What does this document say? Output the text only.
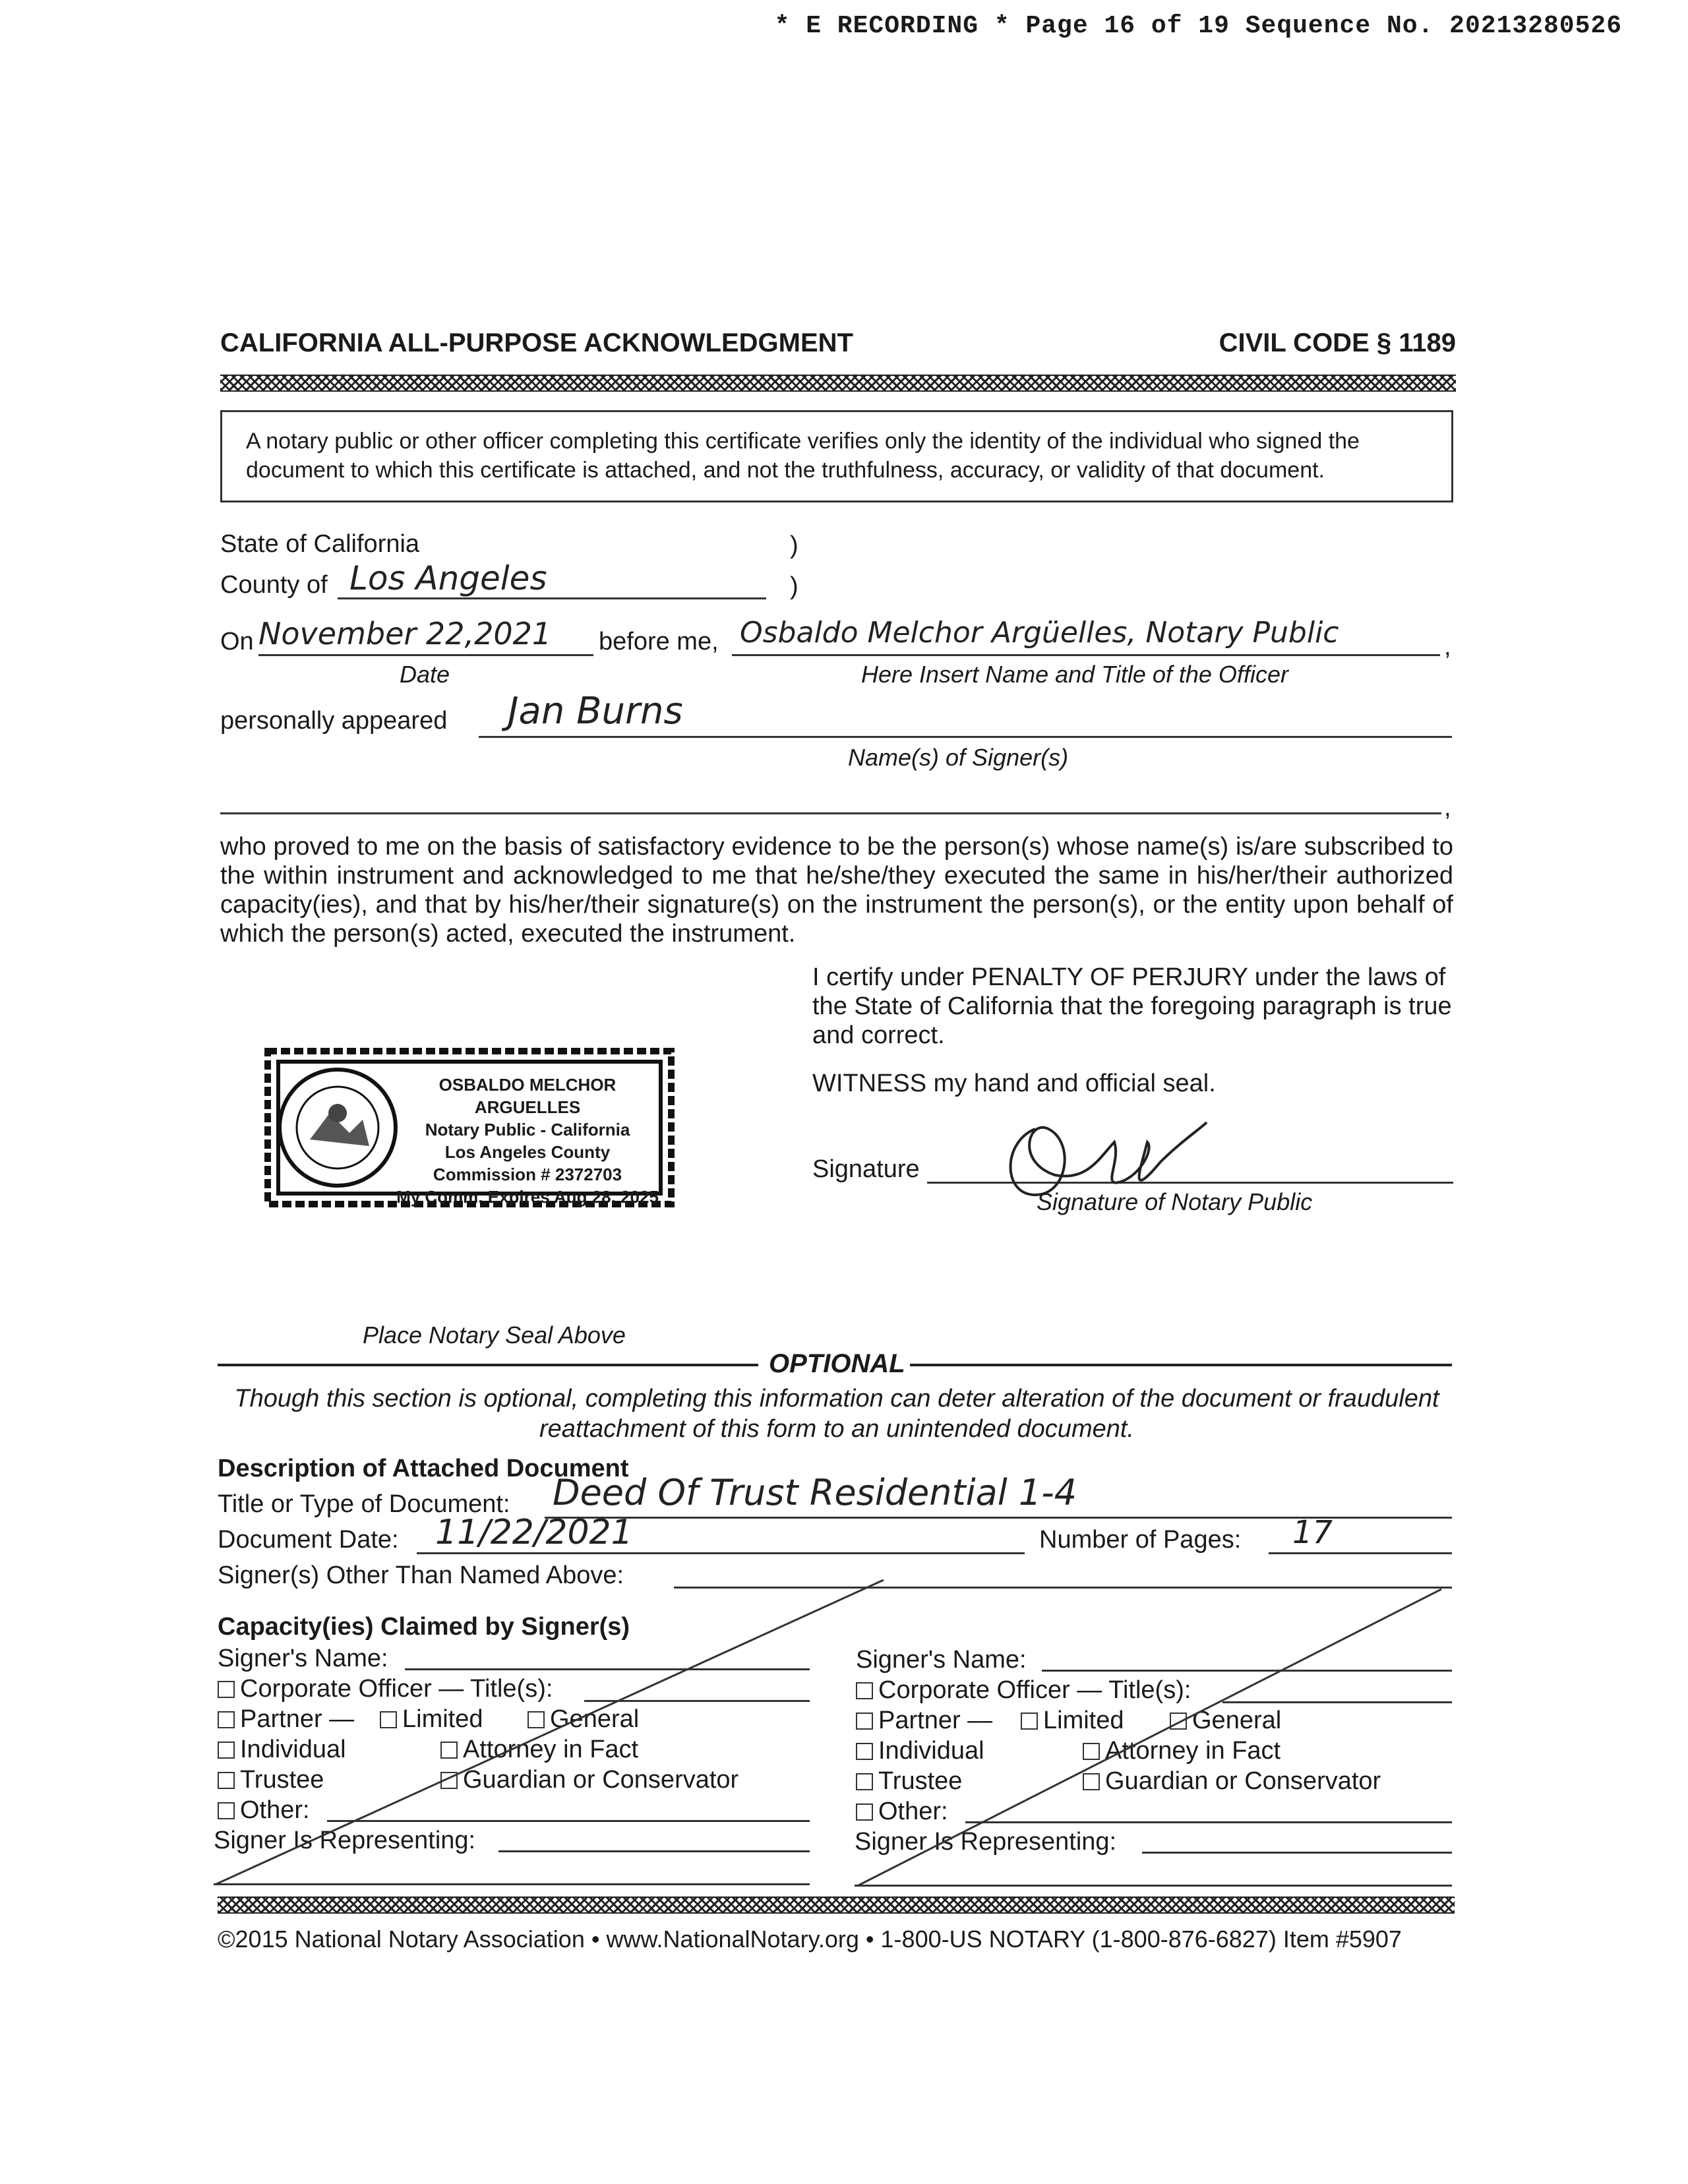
* E RECORDING * Page 16 of 19 Sequence No. 20213280526
CALIFORNIA ALL-PURPOSE ACKNOWLEDGMENT	CIVIL CODE § 1189
A notary public or other officer completing this certificate verifies only the identity of the individual who signed the document to which this certificate is attached, and not the truthfulness, accuracy, or validity of that document.
State of California	)
County of Los Angeles	)
On November 22,2021 before me, Osbaldo Melchor Argüelles, Notary Public	,
Date	Here Insert Name and Title of the Officer
personally appeared Jan Burns
Name(s) of Signer(s)
,
who proved to me on the basis of satisfactory evidence to be the person(s) whose name(s) is/are subscribed to the within instrument and acknowledged to me that he/she/they executed the same in his/her/their authorized capacity(ies), and that by his/her/their signature(s) on the instrument the person(s), or the entity upon behalf of which the person(s) acted, executed the instrument.
I certify under PENALTY OF PERJURY under the laws of the State of California that the foregoing paragraph is true and correct.
WITNESS my hand and official seal.
Signature
Signature of Notary Public
OSBALDO MELCHOR ARGUELLES
Notary Public - California
Los Angeles County
Commission # 2372703
My Comm. Expires Aug 28, 2025
Place Notary Seal Above
OPTIONAL
Though this section is optional, completing this information can deter alteration of the document or fraudulent reattachment of this form to an unintended document.
Description of Attached Document
Title or Type of Document: Deed Of Trust Residential 1-4
Document Date: 11/22/2021	Number of Pages: 17
Signer(s) Other Than Named Above:
Capacity(ies) Claimed by Signer(s)
Signer's Name:
Corporate Officer — Title(s):
Partner —	Limited	General
Individual	Attorney in Fact
Trustee	Guardian or Conservator
Other:
Signer Is Representing:
Signer's Name:
Corporate Officer — Title(s):
Partner —	Limited	General
Individual	Attorney in Fact
Trustee	Guardian or Conservator
Other:
Signer Is Representing:
©2015 National Notary Association • www.NationalNotary.org • 1-800-US NOTARY (1-800-876-6827) Item #5907
